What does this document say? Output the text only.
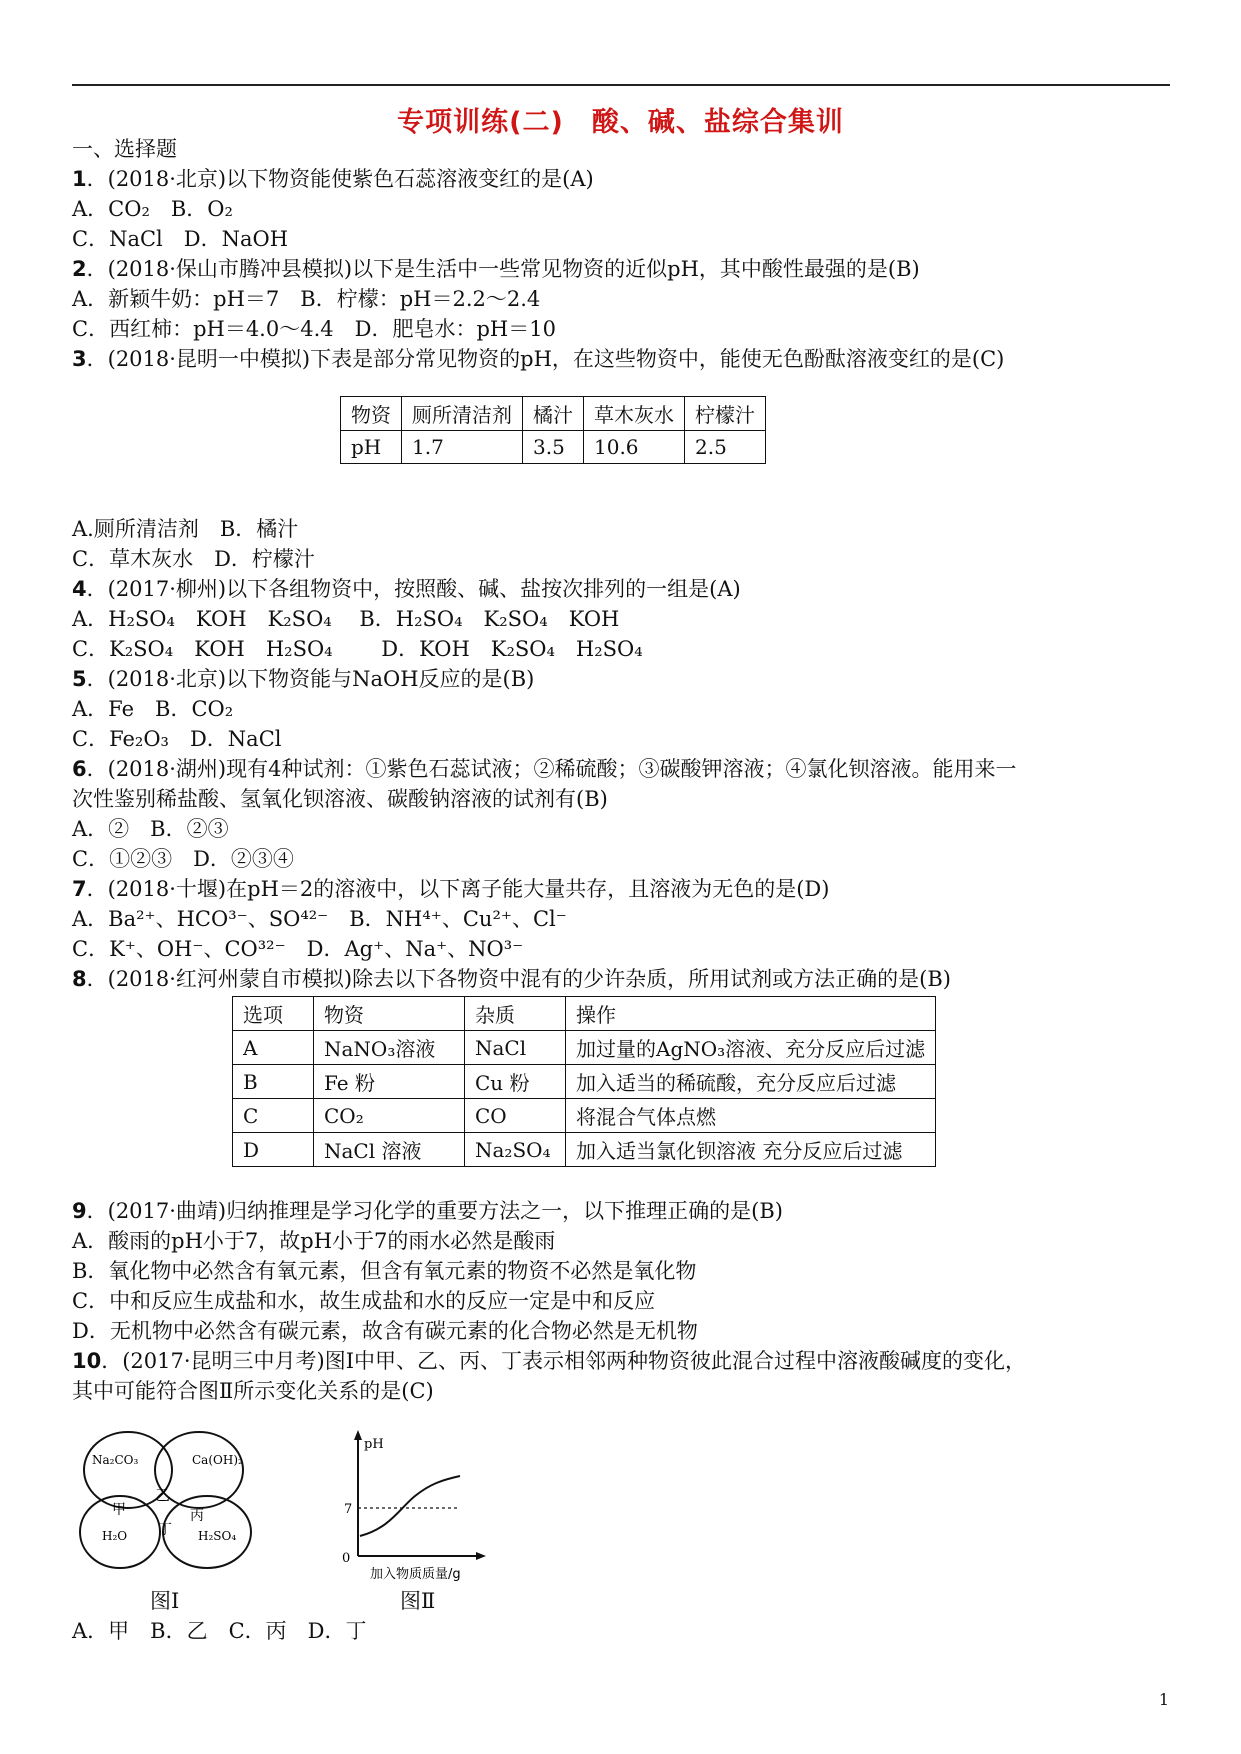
专项训练(二)　酸、碱、盐综合集训
一、选择题
1．(2018·北京)以下物资能使紫色石蕊溶液变红的是(A)
A．CO₂　B．O₂
C．NaCl　D．NaOH
2．(2018·保山市腾冲县模拟)以下是生活中一些常见物资的近似pH，其中酸性最强的是(B)
A．新颖牛奶：pH＝7　B．柠檬：pH＝2.2～2.4
C．西红柿：pH＝4.0～4.4　D．肥皂水：pH＝10
3．(2018·昆明一中模拟)下表是部分常见物资的pH，在这些物资中，能使无色酚酞溶液变红的是(C)
物资	厕所清洁剂	橘汁	草木灰水	柠檬汁
pH	1.7	3.5	10.6	2.5
A.厕所清洁剂　B．橘汁
C．草木灰水　D．柠檬汁
4．(2017·柳州)以下各组物资中，按照酸、碱、盐按次排列的一组是(A)
A．H₂SO₄　KOH　K₂SO₄　 B．H₂SO₄　K₂SO₄　KOH
C．K₂SO₄　KOH　H₂SO₄　　 D．KOH　K₂SO₄　H₂SO₄
5．(2018·北京)以下物资能与NaOH反应的是(B)
A．Fe　B．CO₂
C．Fe₂O₃　D．NaCl
6．(2018·湖州)现有4种试剂：①紫色石蕊试液；②稀硫酸；③碳酸钾溶液；④氯化钡溶液。能用来一
次性鉴别稀盐酸、氢氧化钡溶液、碳酸钠溶液的试剂有(B)
A．②　B．②③
C．①②③　D．②③④
7．(2018·十堰)在pH＝2的溶液中，以下离子能大量共存，且溶液为无色的是(D)
A．Ba²⁺、HCO³⁻、SO⁴²⁻　B．NH⁴⁺、Cu²⁺、Cl⁻
C．K⁺、OH⁻、CO³²⁻　D．Ag⁺、Na⁺、NO³⁻
8．(2018·红河州蒙自市模拟)除去以下各物资中混有的少许杂质，所用试剂或方法正确的是(B)
选项	物资	杂质	操作
A	NaNO₃溶液	NaCl	加过量的AgNO₃溶液、充分反应后过滤
B	Fe 粉	Cu 粉	加入适当的稀硫酸，充分反应后过滤
C	CO₂	CO	将混合气体点燃
D	NaCl 溶液	Na₂SO₄	加入适当氯化钡溶液 充分反应后过滤
9．(2017·曲靖)归纳推理是学习化学的重要方法之一，以下推理正确的是(B)
A．酸雨的pH小于7，故pH小于7的雨水必然是酸雨
B．氧化物中必然含有氧元素，但含有氧元素的物资不必然是氧化物
C．中和反应生成盐和水，故生成盐和水的反应一定是中和反应
D．无机物中必然含有碳元素，故含有碳元素的化合物必然是无机物
10．(2017·昆明三中月考)图Ⅰ中甲、乙、丙、丁表示相邻两种物资彼此混合过程中溶液酸碱度的变化，
其中可能符合图Ⅱ所示变化关系的是(C)
Na₂CO₃	Ca(OH)₂
H₂O	H₂SO₄
乙
甲	丙
丁
图Ⅰ
pH
7
0
加入物质质量/g
图Ⅱ
A．甲　B．乙　C．丙　D．丁
1
